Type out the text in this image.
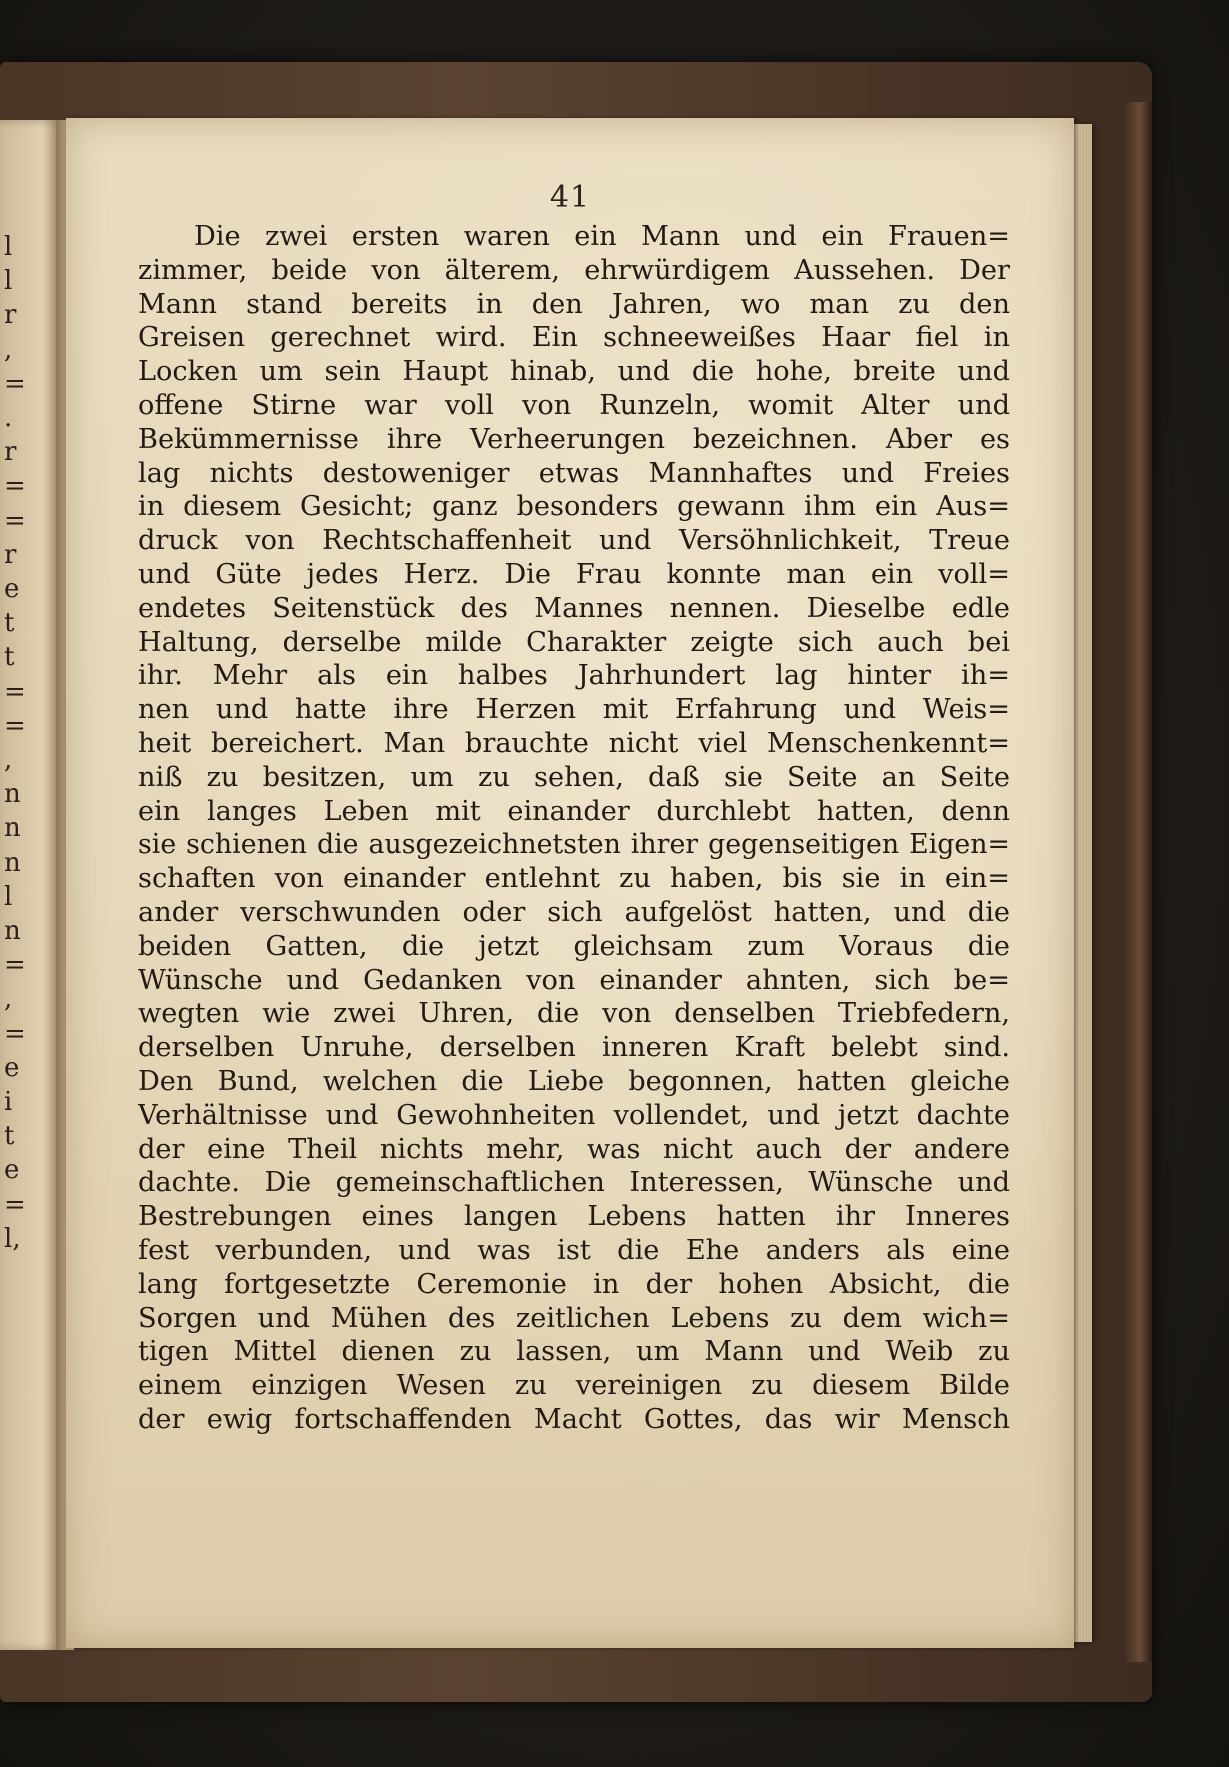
l
l
r
,
=
.
r
=
=
r
e
t
t
=
=
,
n
n
n
l
n
=
,
=
e
i
t
e
=
l,
41
Die zwei ersten waren ein Mann und ein Frauen=
zimmer, beide von älterem, ehrwürdigem Aussehen. Der
Mann stand bereits in den Jahren, wo man zu den
Greisen gerechnet wird. Ein schneeweißes Haar fiel in
Locken um sein Haupt hinab, und die hohe, breite und
offene Stirne war voll von Runzeln, womit Alter und
Bekümmernisse ihre Verheerungen bezeichnen. Aber es
lag nichts destoweniger etwas Mannhaftes und Freies
in diesem Gesicht; ganz besonders gewann ihm ein Aus=
druck von Rechtschaffenheit und Versöhnlichkeit, Treue
und Güte jedes Herz. Die Frau konnte man ein voll=
endetes Seitenstück des Mannes nennen. Dieselbe edle
Haltung, derselbe milde Charakter zeigte sich auch bei
ihr. Mehr als ein halbes Jahrhundert lag hinter ih=
nen und hatte ihre Herzen mit Erfahrung und Weis=
heit bereichert. Man brauchte nicht viel Menschenkennt=
niß zu besitzen, um zu sehen, daß sie Seite an Seite
ein langes Leben mit einander durchlebt hatten, denn
sie schienen die ausgezeichnetsten ihrer gegenseitigen Eigen=
schaften von einander entlehnt zu haben, bis sie in ein=
ander verschwunden oder sich aufgelöst hatten, und die
beiden Gatten, die jetzt gleichsam zum Voraus die
Wünsche und Gedanken von einander ahnten, sich be=
wegten wie zwei Uhren, die von denselben Triebfedern,
derselben Unruhe, derselben inneren Kraft belebt sind.
Den Bund, welchen die Liebe begonnen, hatten gleiche
Verhältnisse und Gewohnheiten vollendet, und jetzt dachte
der eine Theil nichts mehr, was nicht auch der andere
dachte. Die gemeinschaftlichen Interessen, Wünsche und
Bestrebungen eines langen Lebens hatten ihr Inneres
fest verbunden, und was ist die Ehe anders als eine
lang fortgesetzte Ceremonie in der hohen Absicht, die
Sorgen und Mühen des zeitlichen Lebens zu dem wich=
tigen Mittel dienen zu lassen, um Mann und Weib zu
einem einzigen Wesen zu vereinigen zu diesem Bilde
der ewig fortschaffenden Macht Gottes, das wir Mensch
